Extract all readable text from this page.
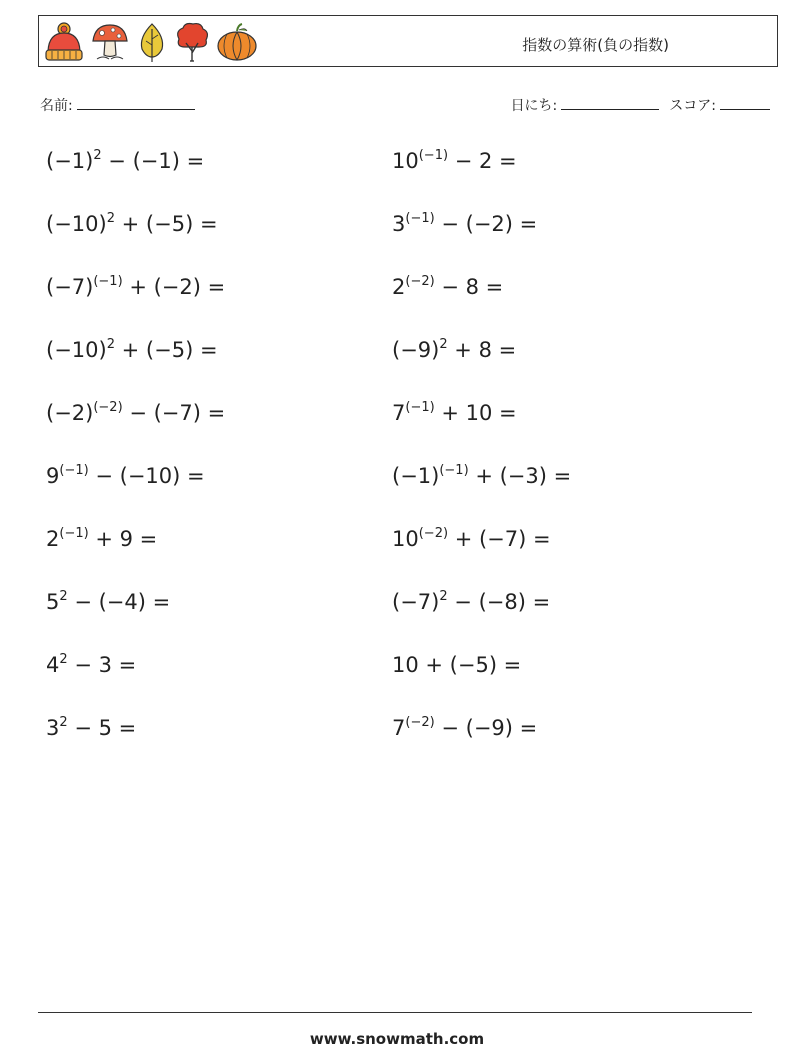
指数の算術(負の指数)
名前:	日にち:	スコア:
$(-1)^2 - (-1)$ =
$(-10)^2 + (-5)$ =
$(-7)^{(-1)} + (-2)$ =
$(-10)^2 + (-5)$ =
$(-2)^{(-2)} - (-7)$ =
$9^{(-1)} - (-10)$ =
$2^{(-1)} + 9$ =
$5^2 - (-4)$ =
$4^2 - 3$ =
$3^2 - 5$ =
$10^{(-1)} - 2$ =
$3^{(-1)} - (-2)$ =
$2^{(-2)} - 8$ =
$(-9)^2 + 8$ =
$7^{(-1)} + 10$ =
$(-1)^{(-1)} + (-3)$ =
$10^{(-2)} + (-7)$ =
$(-7)^2 - (-8)$ =
10 + (−5) =
$7^{(-2)} - (-9)$ =
www.snowmath.com
